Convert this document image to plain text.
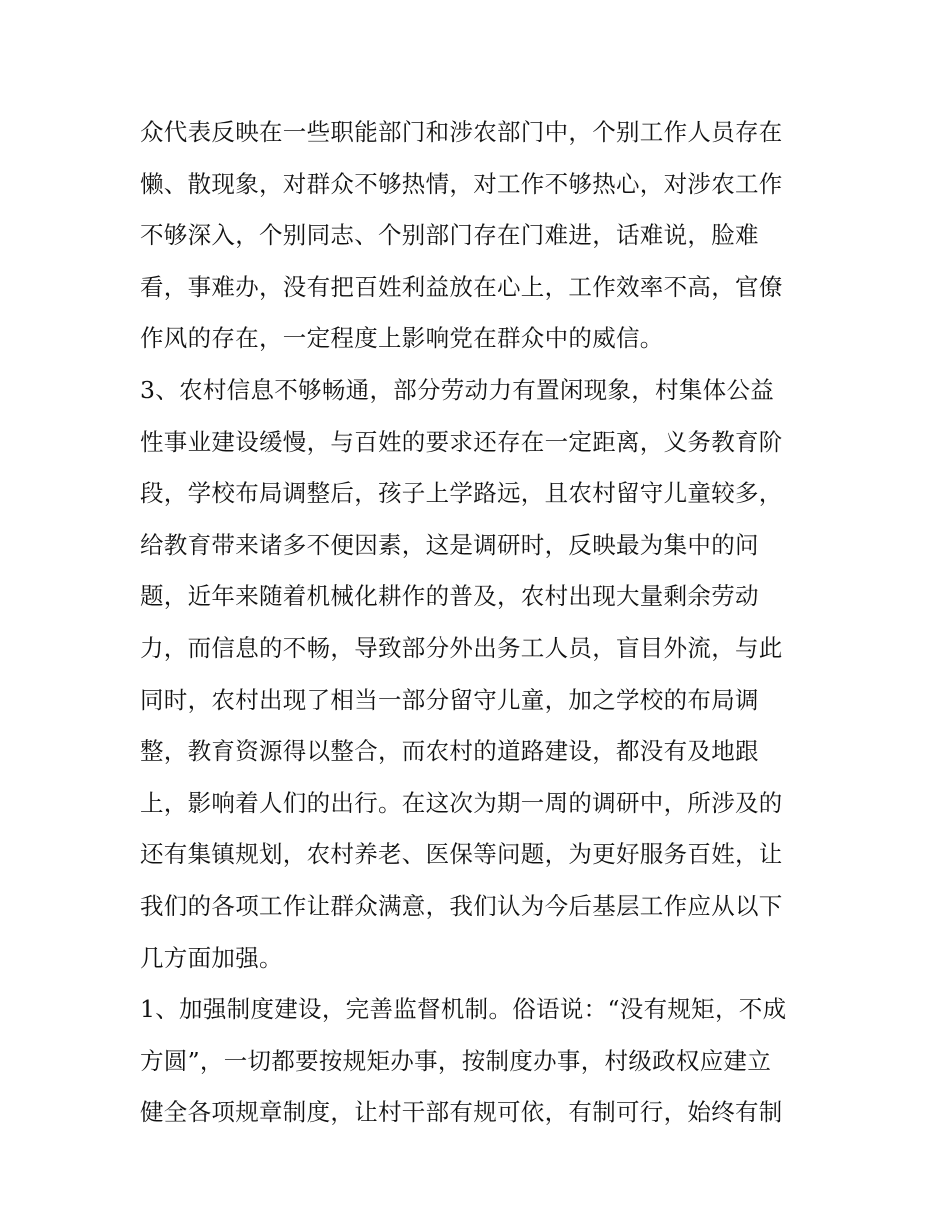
众代表反映在一些职能部门和涉农部门中，个别工作人员存在
懒、散现象，对群众不够热情，对工作不够热心，对涉农工作
不够深入，个别同志、个别部门存在门难进，话难说，脸难
看，事难办，没有把百姓利益放在心上，工作效率不高，官僚
作风的存在，一定程度上影响党在群众中的威信。
3、农村信息不够畅通，部分劳动力有置闲现象，村集体公益
性事业建设缓慢，与百姓的要求还存在一定距离，义务教育阶
段，学校布局调整后，孩子上学路远，且农村留守儿童较多，
给教育带来诸多不便因素，这是调研时，反映最为集中的问
题，近年来随着机械化耕作的普及，农村出现大量剩余劳动
力，而信息的不畅，导致部分外出务工人员，盲目外流，与此
同时，农村出现了相当一部分留守儿童，加之学校的布局调
整，教育资源得以整合，而农村的道路建设，都没有及地跟
上，影响着人们的出行。在这次为期一周的调研中，所涉及的
还有集镇规划，农村养老、医保等问题，为更好服务百姓，让
我们的各项工作让群众满意，我们认为今后基层工作应从以下
几方面加强。
1、加强制度建设，完善监督机制。俗语说：“没有规矩，不成
方圆”，一切都要按规矩办事，按制度办事，村级政权应建立
健全各项规章制度，让村干部有规可依，有制可行，始终有制
